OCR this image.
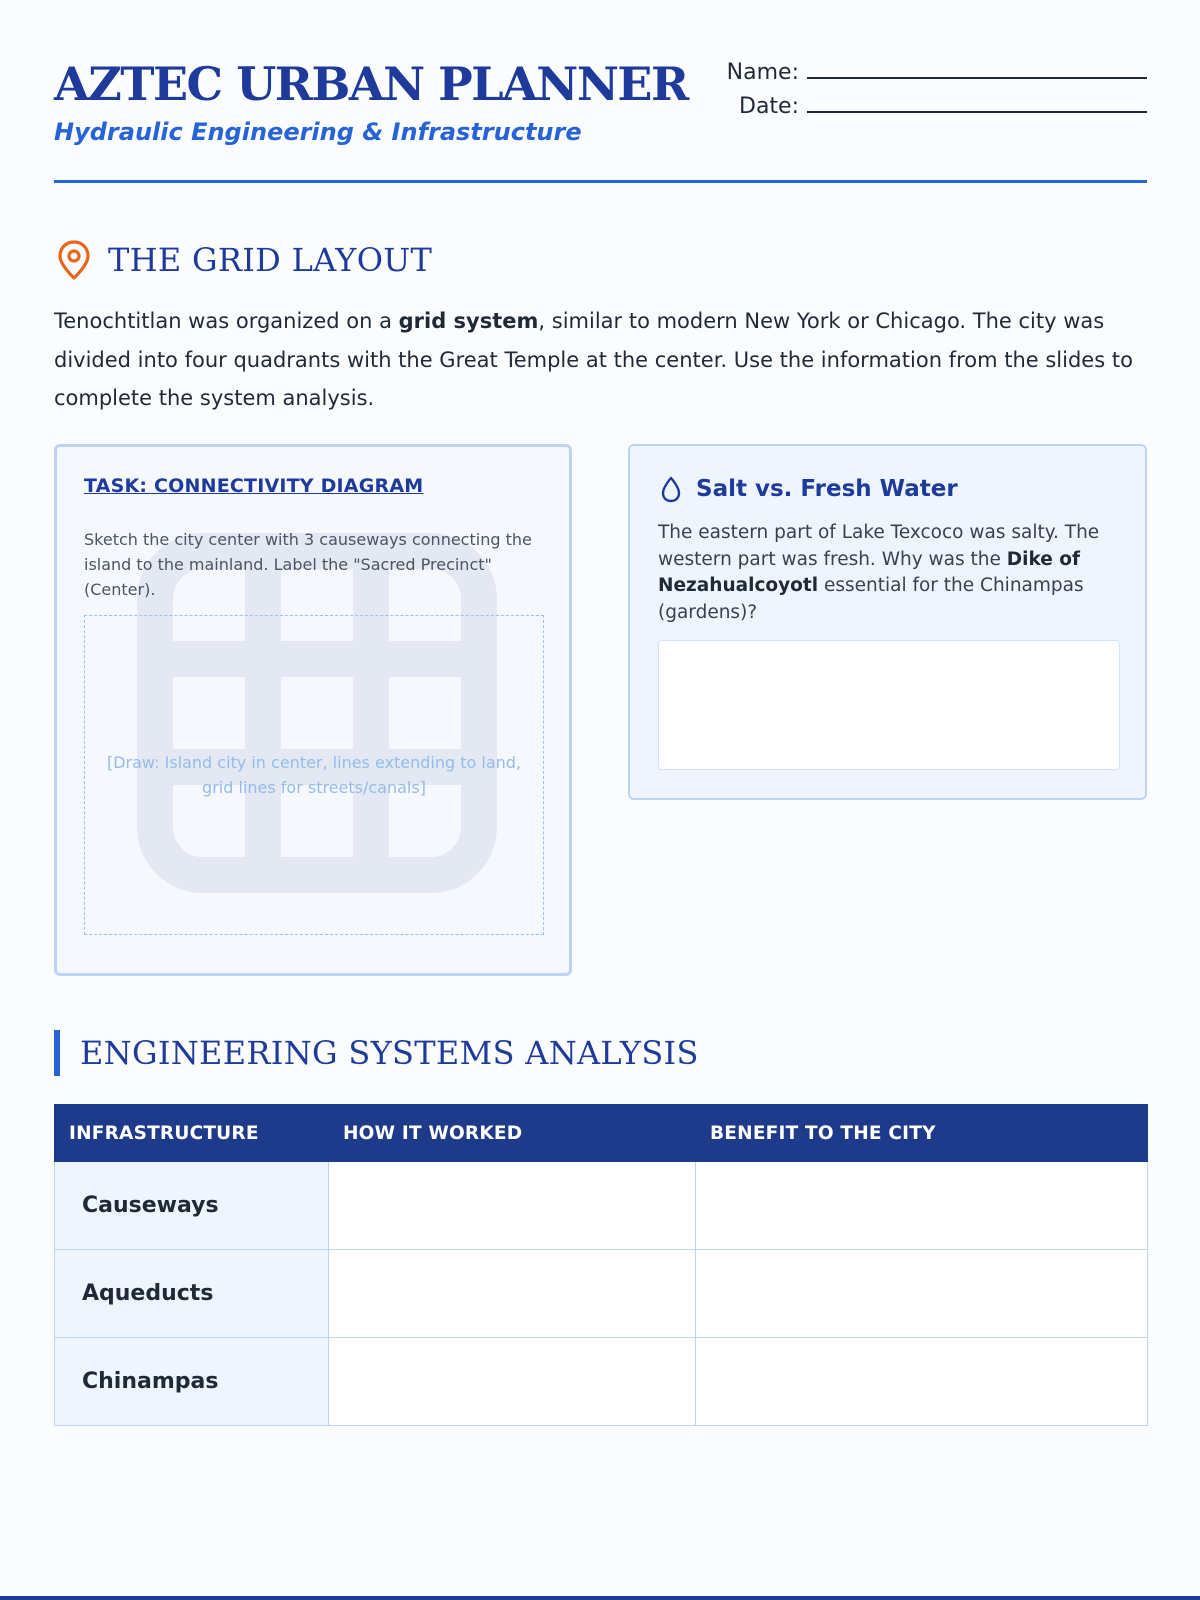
AZTEC URBAN PLANNER
Hydraulic Engineering & Infrastructure
Name:
Date:
THE GRID LAYOUT

Tenochtitlan was organized on a grid system, similar to modern New York or Chicago. The city was divided into four quadrants with the Great Temple at the center. Use the information from the slides to complete the system analysis.

TASK: CONNECTIVITY DIAGRAM
Sketch the city center with 3 causeways connecting the island to the mainland. Label the "Sacred Precinct" (Center).
[Draw: Island city in center, lines extending to land, grid lines for streets/canals]
Salt vs. Fresh Water

The eastern part of Lake Texcoco was salty. The western part was fresh. Why was the Dike of Nezahualcoyotl essential for the Chinampas (gardens)?

ENGINEERING SYSTEMS ANALYSIS
INFRASTRUCTURE	HOW IT WORKED	BENEFIT TO THE CITY
Causeways		
Aqueducts		
Chinampas		
